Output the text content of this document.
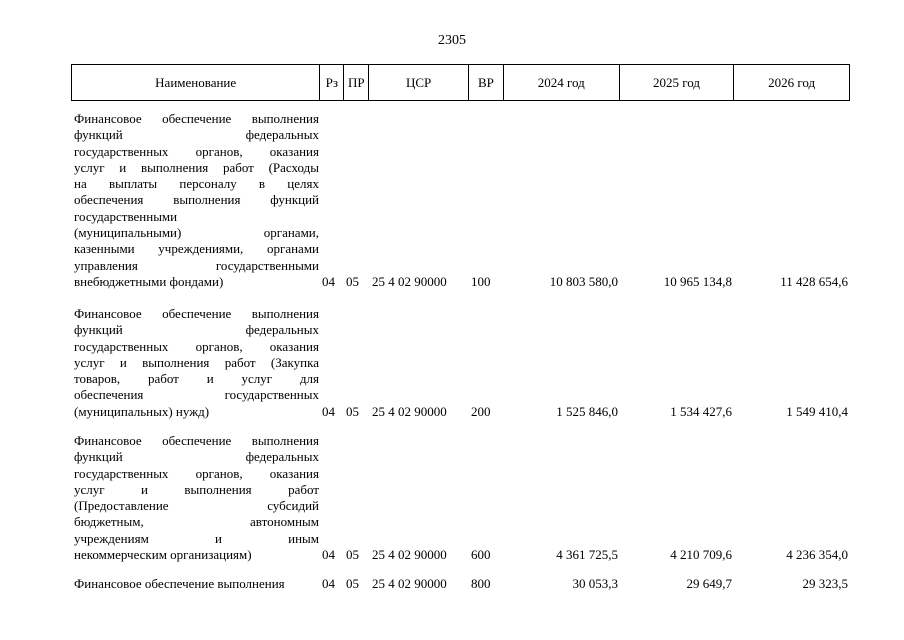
2305
Наименование	Рз ПР	ЦСР	ВР	2024 год	2025 год	2026 год
Финансовое обеспечение выполнения
функций федеральных
государственных органов, оказания
услуг и выполнения работ (Расходы
на выплаты персоналу в целях
обеспечения выполнения функций
государственными
(муниципальными) органами,
казенными учреждениями, органами
управления государственными
внебюджетными фондами)	04 05 25 4 02 90000 100	10 803 580,0	10 965 134,8	11 428 654,6
Финансовое обеспечение выполнения
функций федеральных
государственных органов, оказания
услуг и выполнения работ (Закупка
товаров, работ и услуг для
обеспечения государственных
(муниципальных) нужд)	04 05 25 4 02 90000 200	1 525 846,0	1 534 427,6	1 549 410,4
Финансовое обеспечение выполнения
функций федеральных
государственных органов, оказания
услуг и выполнения работ
(Предоставление субсидий
бюджетным, автономным
учреждениям и иным
некоммерческим организациям)	04 05 25 4 02 90000 600	4 361 725,5	4 210 709,6	4 236 354,0
Финансовое обеспечение выполнения	04 05 25 4 02 90000 800	30 053,3	29 649,7	29 323,5
